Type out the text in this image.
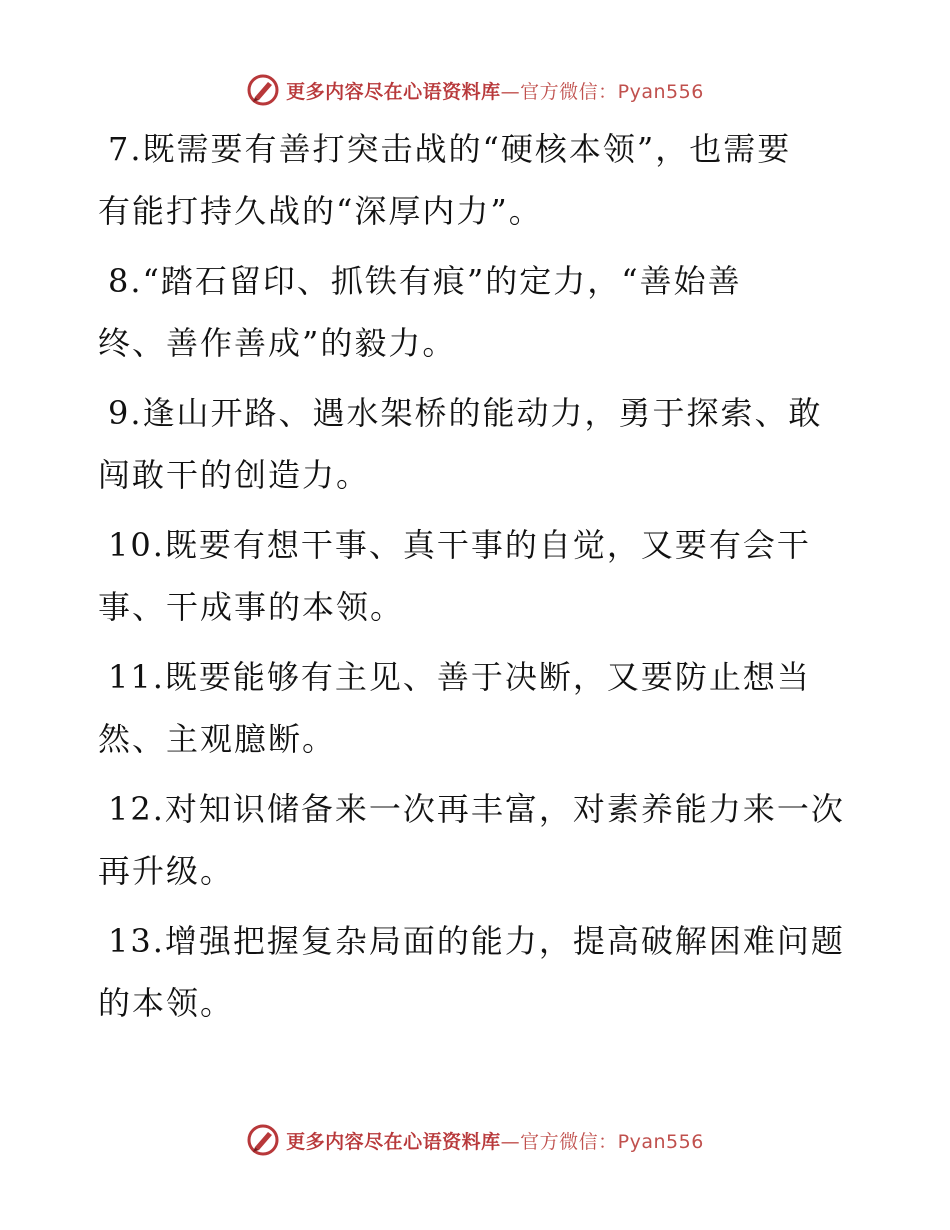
更多内容尽在心语资料库—官方微信：Pyan556
7.既需要有善打突击战的“硬核本领”，也需要
有能打持久战的“深厚内力”。
8.“踏石留印、抓铁有痕”的定力，“善始善
终、善作善成”的毅力。
9.逢山开路、遇水架桥的能动力，勇于探索、敢
闯敢干的创造力。
10.既要有想干事、真干事的自觉，又要有会干
事、干成事的本领。
11.既要能够有主见、善于决断，又要防止想当
然、主观臆断。
12.对知识储备来一次再丰富，对素养能力来一次
再升级。
13.增强把握复杂局面的能力，提高破解困难问题
的本领。
更多内容尽在心语资料库—官方微信：Pyan556
